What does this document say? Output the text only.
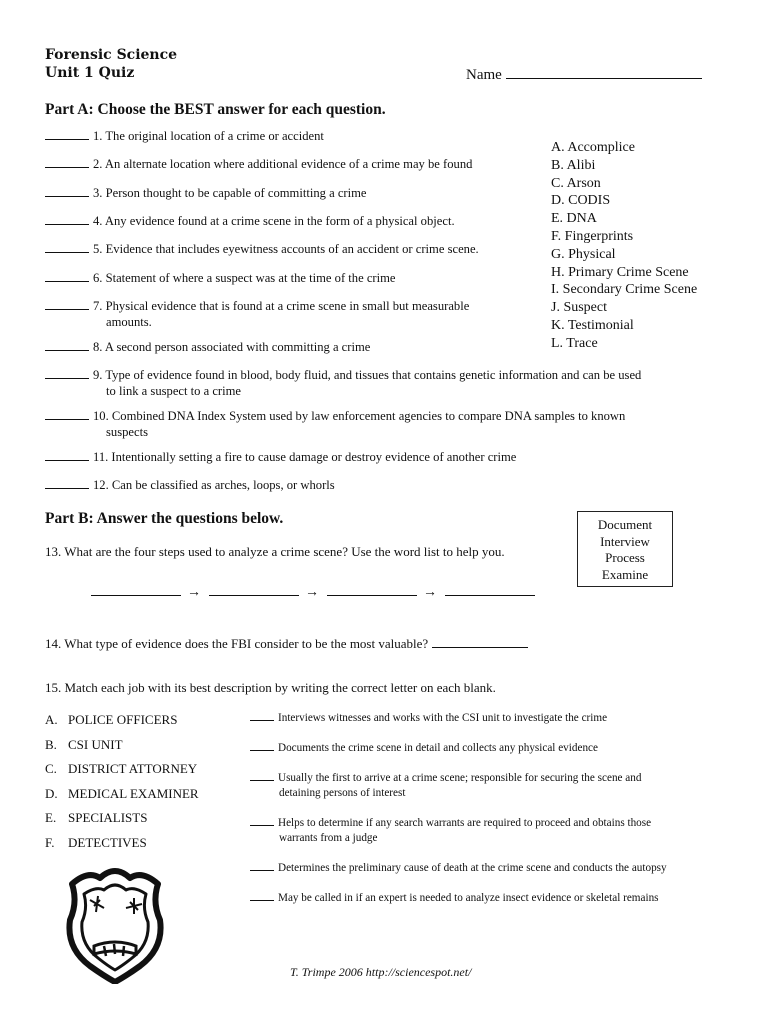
Forensic Science
Unit 1 Quiz	Name
Part A: Choose the BEST answer for each question.
1. The original location of a crime or accident
2. An alternate location where additional evidence of a crime may be found
3. Person thought to be capable of committing a crime
4. Any evidence found at a crime scene in the form of a physical object.
5. Evidence that includes eyewitness accounts of an accident or crime scene.
6. Statement of where a suspect was at the time of the crime
7. Physical evidence that is found at a crime scene in small but measurable
amounts.
8. A second person associated with committing a crime
9. Type of evidence found in blood, body fluid, and tissues that contains genetic information and can be used
to link a suspect to a crime
10. Combined DNA Index System used by law enforcement agencies to compare DNA samples to known
suspects
11. Intentionally setting a fire to cause damage or destroy evidence of another crime
12. Can be classified as arches, loops, or whorls
A. Accomplice
B. Alibi
C. Arson
D. CODIS
E. DNA
F. Fingerprints
G. Physical
H. Primary Crime Scene
I. Secondary Crime Scene
J. Suspect
K. Testimonial
L. Trace
Part B: Answer the questions below.	Document
Interview
Process
Examine
13. What are the four steps used to analyze a crime scene? Use the word list to help you.
→	→	→
14. What type of evidence does the FBI consider to be the most valuable?
15. Match each job with its best description by writing the correct letter on each blank.
A. POLICE OFFICERS
B. CSI UNIT
C. DISTRICT ATTORNEY
D. MEDICAL EXAMINER
E. SPECIALISTS
F. DETECTIVES
Interviews witnesses and works with the CSI unit to investigate the crime
Documents the crime scene in detail and collects any physical evidence
Usually the first to arrive at a crime scene; responsible for securing the scene and
detaining persons of interest
Helps to determine if any search warrants are required to proceed and obtains those
warrants from a judge
Determines the preliminary cause of death at the crime scene and conducts the autopsy
May be called in if an expert is needed to analyze insect evidence or skeletal remains
T. Trimpe 2006 http://sciencespot.net/
